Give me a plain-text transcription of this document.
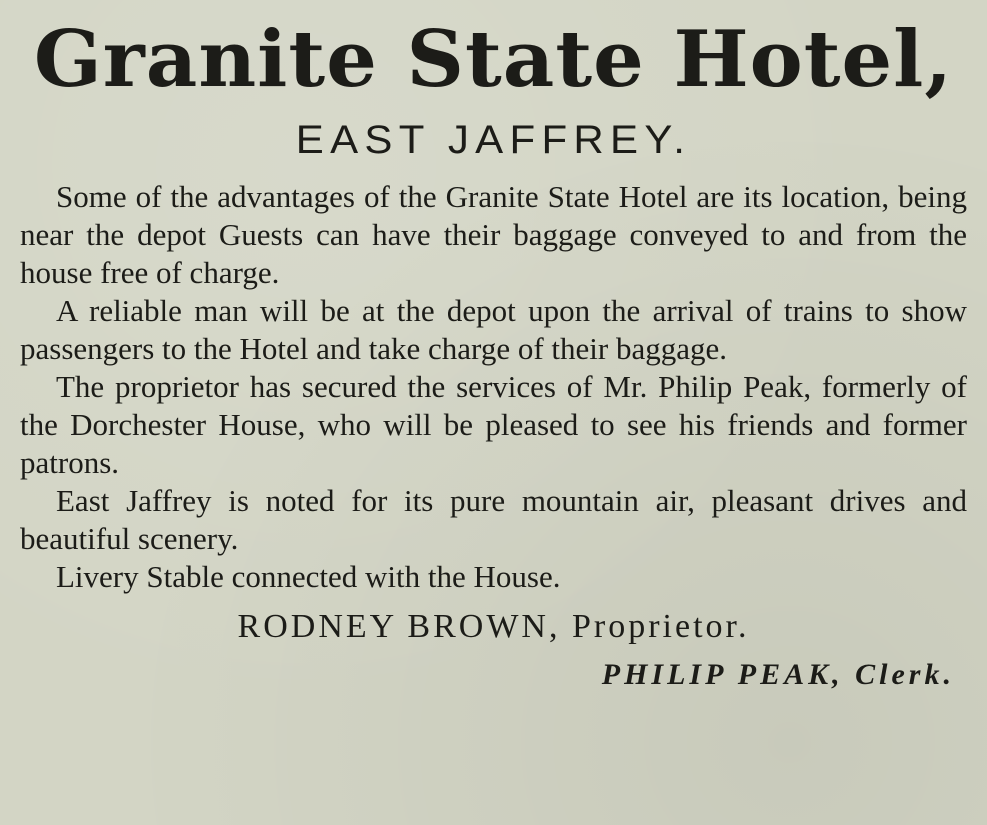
Granite State Hotel,
EAST JAFFREY.

Some of the advantages of the Granite State Hotel are its location, being near the depot Guests can have their baggage conveyed to and from the house free of charge.

A reliable man will be at the depot upon the arrival of trains to show passengers to the Hotel and take charge of their baggage.

The proprietor has secured the services of Mr. Philip Peak, formerly of the Dorchester House, who will be pleased to see his friends and former patrons.

East Jaffrey is noted for its pure mountain air, pleasant drives and beautiful scenery.

Livery Stable connected with the House.

RODNEY BROWN, Proprietor.
PHILIP PEAK, Clerk.
